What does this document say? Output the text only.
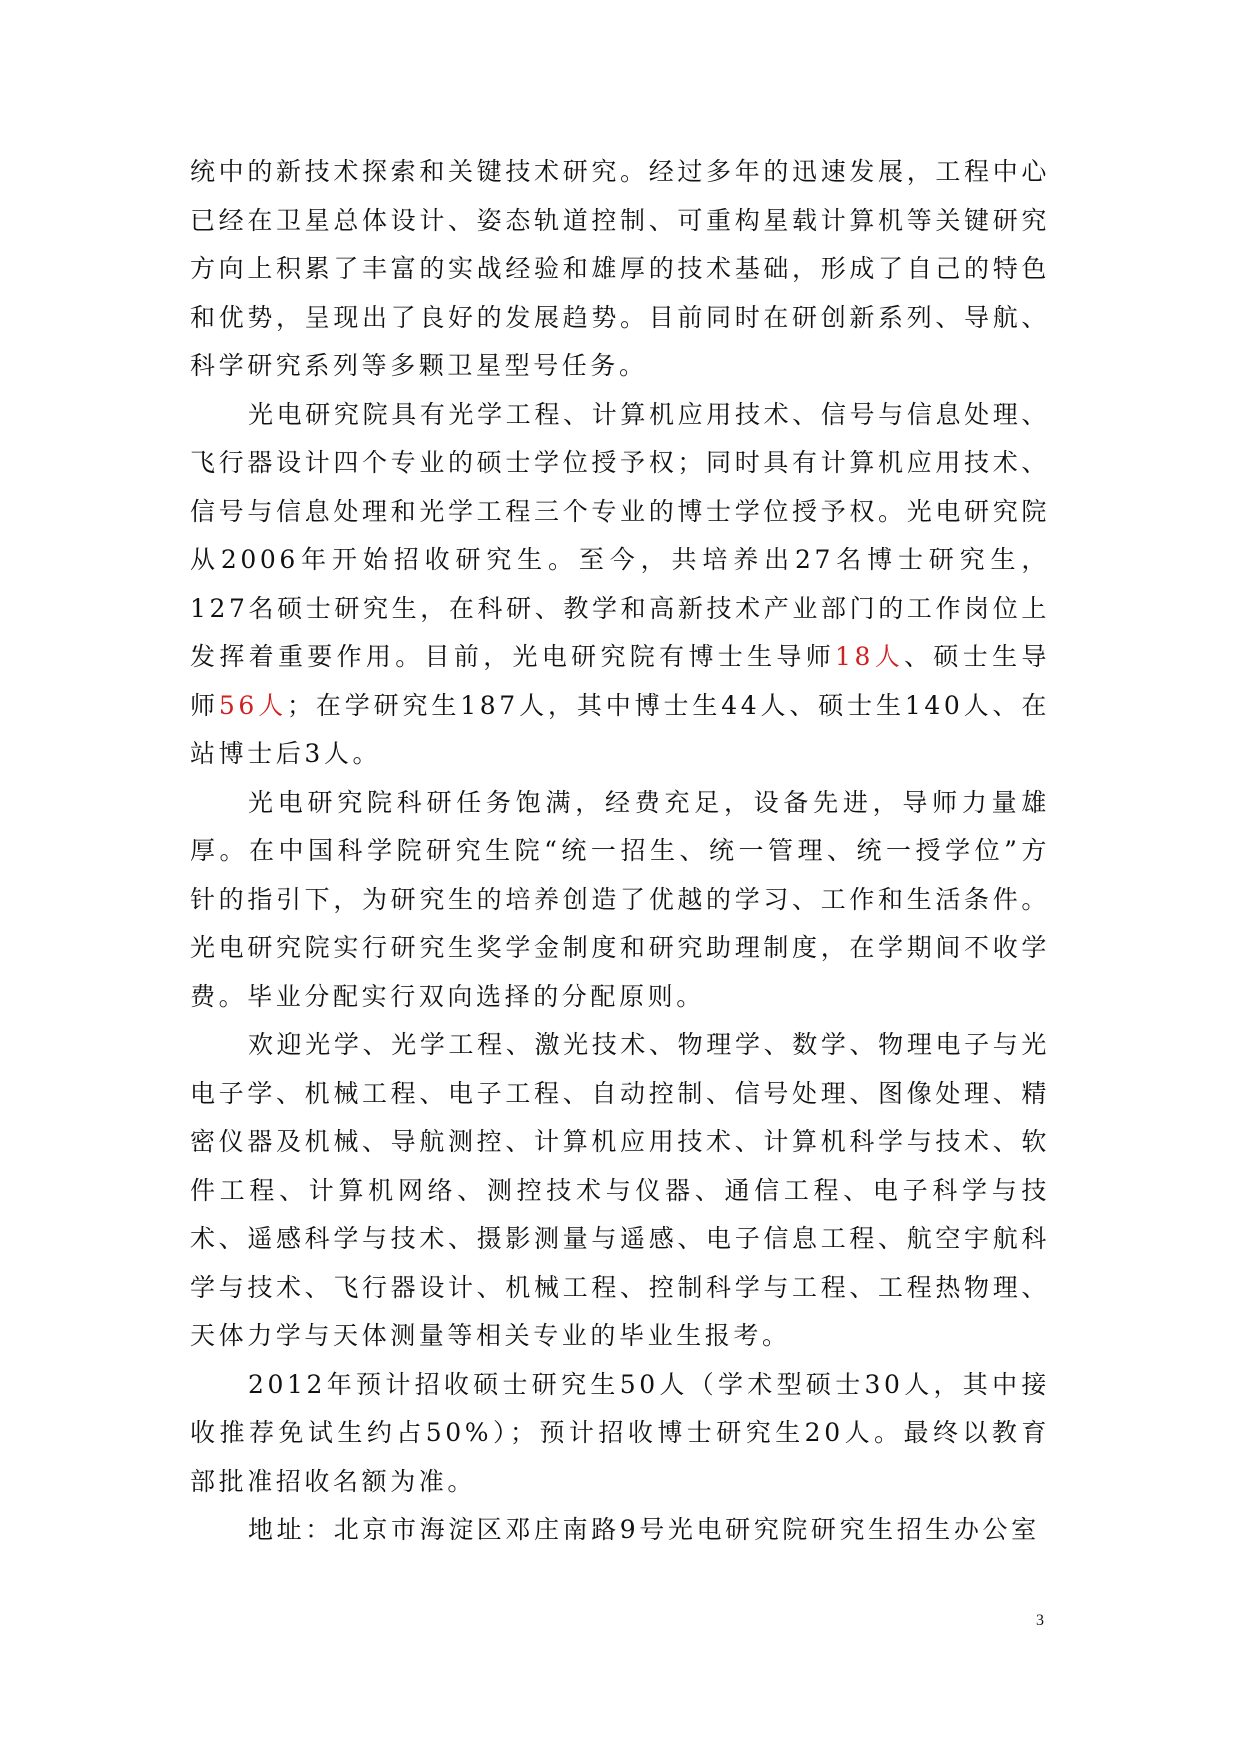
统中的新技术探索和关键技术研究。经过多年的迅速发展，工程中心已经在卫星总体设计、姿态轨道控制、可重构星载计算机等关键研究方向上积累了丰富的实战经验和雄厚的技术基础，形成了自己的特色和优势，呈现出了良好的发展趋势。目前同时在研创新系列、导航、科学研究系列等多颗卫星型号任务。

光电研究院具有光学工程、计算机应用技术、信号与信息处理、飞行器设计四个专业的硕士学位授予权；同时具有计算机应用技术、信号与信息处理和光学工程三个专业的博士学位授予权。光电研究院从2006年开始招收研究生。至今，共培养出27名博士研究生，127名硕士研究生，在科研、教学和高新技术产业部门的工作岗位上发挥着重要作用。目前，光电研究院有博士生导师18人、硕士生导师56人；在学研究生187人，其中博士生44人、硕士生140人、在站博士后3人。

光电研究院科研任务饱满，经费充足，设备先进，导师力量雄厚。在中国科学院研究生院“统一招生、统一管理、统一授学位”方针的指引下，为研究生的培养创造了优越的学习、工作和生活条件。光电研究院实行研究生奖学金制度和研究助理制度，在学期间不收学费。毕业分配实行双向选择的分配原则。

欢迎光学、光学工程、激光技术、物理学、数学、物理电子与光电子学、机械工程、电子工程、自动控制、信号处理、图像处理、精密仪器及机械、导航测控、计算机应用技术、计算机科学与技术、软件工程、计算机网络、测控技术与仪器、通信工程、电子科学与技术、遥感科学与技术、摄影测量与遥感、电子信息工程、航空宇航科学与技术、飞行器设计、机械工程、控制科学与工程、工程热物理、天体力学与天体测量等相关专业的毕业生报考。

2012年预计招收硕士研究生50人（学术型硕士30人，其中接收推荐免试生约占50%）；预计招收博士研究生20人。最终以教育部批准招收名额为准。

地址：北京市海淀区邓庄南路9号光电研究院研究生招生办公室

3
